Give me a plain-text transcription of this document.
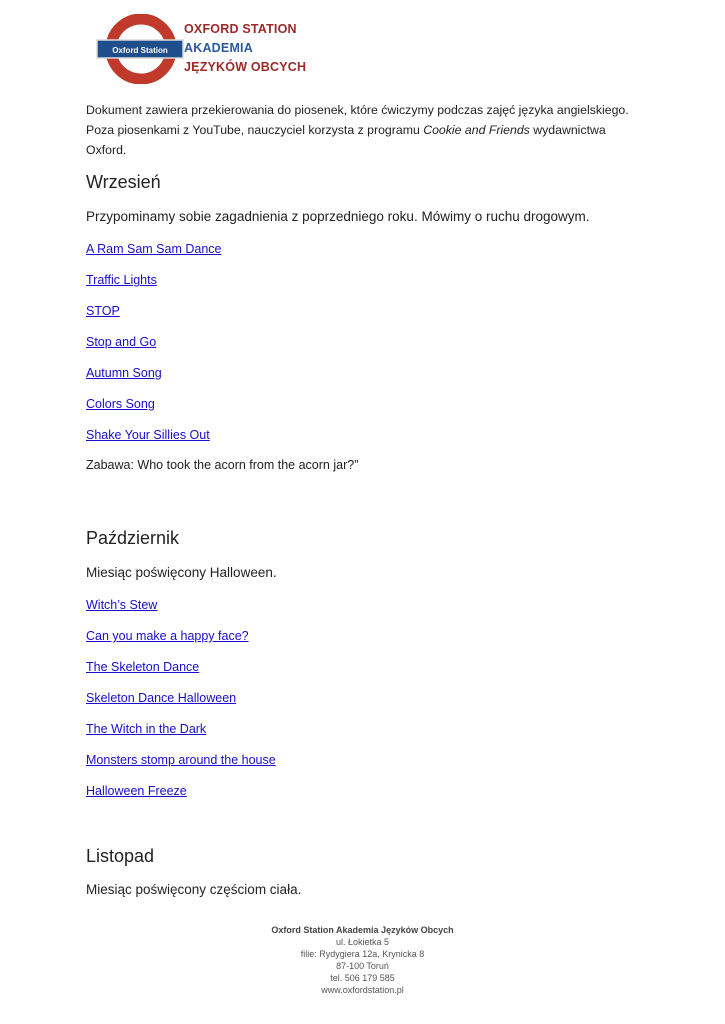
Oxford Station
OXFORD STATION
AKADEMIA
JĘZYKÓW OBCYCH

Dokument zawiera przekierowania do piosenek, które ćwiczymy podczas zajęć języka angielskiego. Poza piosenkami z YouTube, nauczyciel korzysta z programu Cookie and Friends wydawnictwa Oxford.

Wrzesień

Przypominamy sobie zagadnienia z poprzedniego roku. Mówimy o ruchu drogowym.

A Ram Sam Sam Dance
Traffic Lights
STOP
Stop and Go
Autumn Song
Colors Song
Shake Your Sillies Out
Zabawa: Who took the acorn from the acorn jar?”
Październik

Miesiąc poświęcony Halloween.

Witch’s Stew
Can you make a happy face?
The Skeleton Dance
Skeleton Dance Halloween
The Witch in the Dark
Monsters stomp around the house
Halloween Freeze
Listopad

Miesiąc poświęcony częściom ciała.

Oxford Station Akademia Języków Obcych
ul. Łokietka 5
filie: Rydygiera 12a, Krynicka 8
87-100 Toruń
tel. 506 179 585
www.oxfordstation.pl
